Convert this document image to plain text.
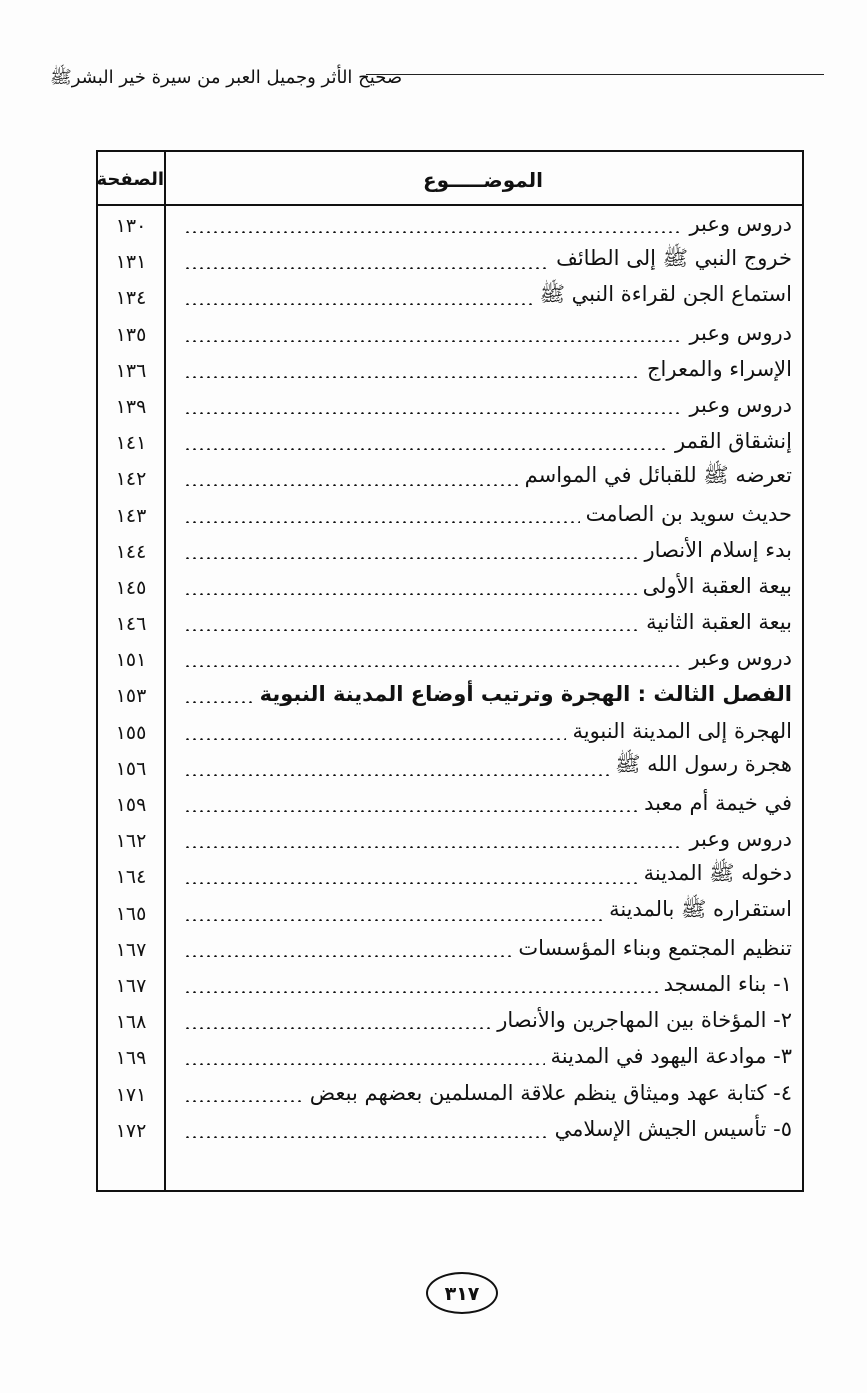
صحيح الأثر وجميل العبر من سيرة خير البشرﷺ
الموضـــــوع
الصفحة
دروس وعبر
١٣٠
خروج النبي ﷺ إلى الطائف
١٣١
استماع الجن لقراءة النبي ﷺ
١٣٤
دروس وعبر
١٣٥
الإسراء والمعراج
١٣٦
دروس وعبر
١٣٩
إنشقاق القمر
١٤١
تعرضه ﷺ للقبائل في المواسم
١٤٢
حديث سويد بن الصامت
١٤٣
بدء إسلام الأنصار
١٤٤
بيعة العقبة الأولى
١٤٥
بيعة العقبة الثانية
١٤٦
دروس وعبر
١٥١
الفصل الثالث : الهجرة وترتيب أوضاع المدينة النبوية
١٥٣
الهجرة إلى المدينة النبوية
١٥٥
هجرة رسول الله ﷺ
١٥٦
في خيمة أم معبد
١٥٩
دروس وعبر
١٦٢
دخوله ﷺ المدينة
١٦٤
استقراره ﷺ بالمدينة
١٦٥
تنظيم المجتمع وبناء المؤسسات
١٦٧
١- بناء المسجد
١٦٧
٢- المؤخاة بين المهاجرين والأنصار
١٦٨
٣- موادعة اليهود في المدينة
١٦٩
٤- كتابة عهد وميثاق ينظم علاقة المسلمين بعضهم ببعض
١٧١
٥- تأسيس الجيش الإسلامي
١٧٢
٣١٧
